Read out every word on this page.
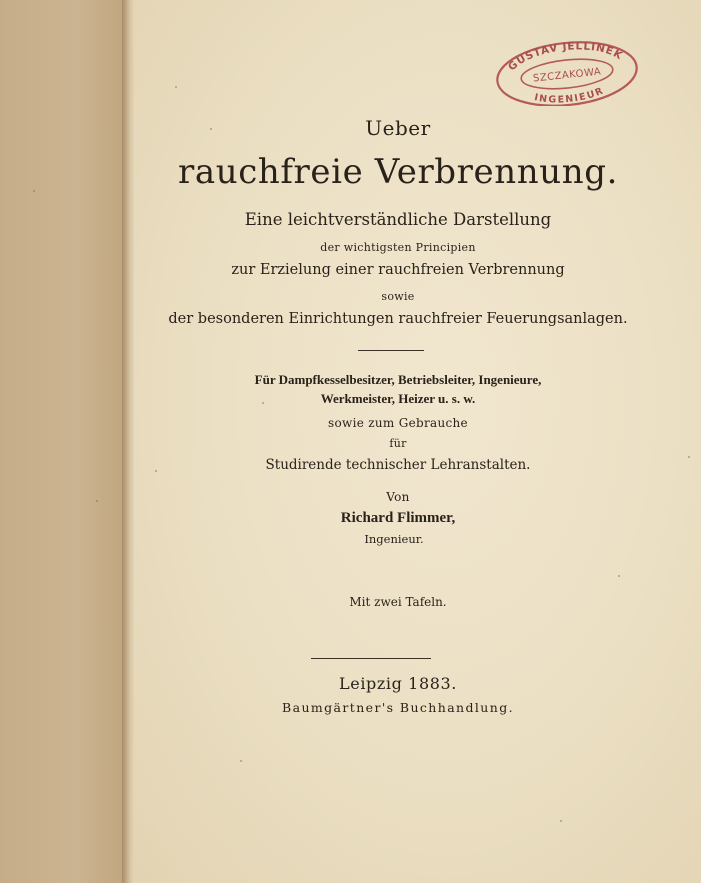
GUSTAV JELLINEK
SZCZAKOWA
INGENIEUR
Ueber
rauchfreie Verbrennung.
Eine leichtverständliche Darstellung
der wichtigsten Principien
zur Erzielung einer rauchfreien Verbrennung
sowie
der besonderen Einrichtungen rauchfreier Feuerungsanlagen.
Für Dampfkesselbesitzer, Betriebsleiter, Ingenieure,
Werkmeister, Heizer u. s. w.
sowie zum Gebrauche
für
Studirende technischer Lehranstalten.
Von
Richard Flimmer,
Ingenieur.
Mit zwei Tafeln.
Leipzig 1883.
Baumgärtner's Buchhandlung.
